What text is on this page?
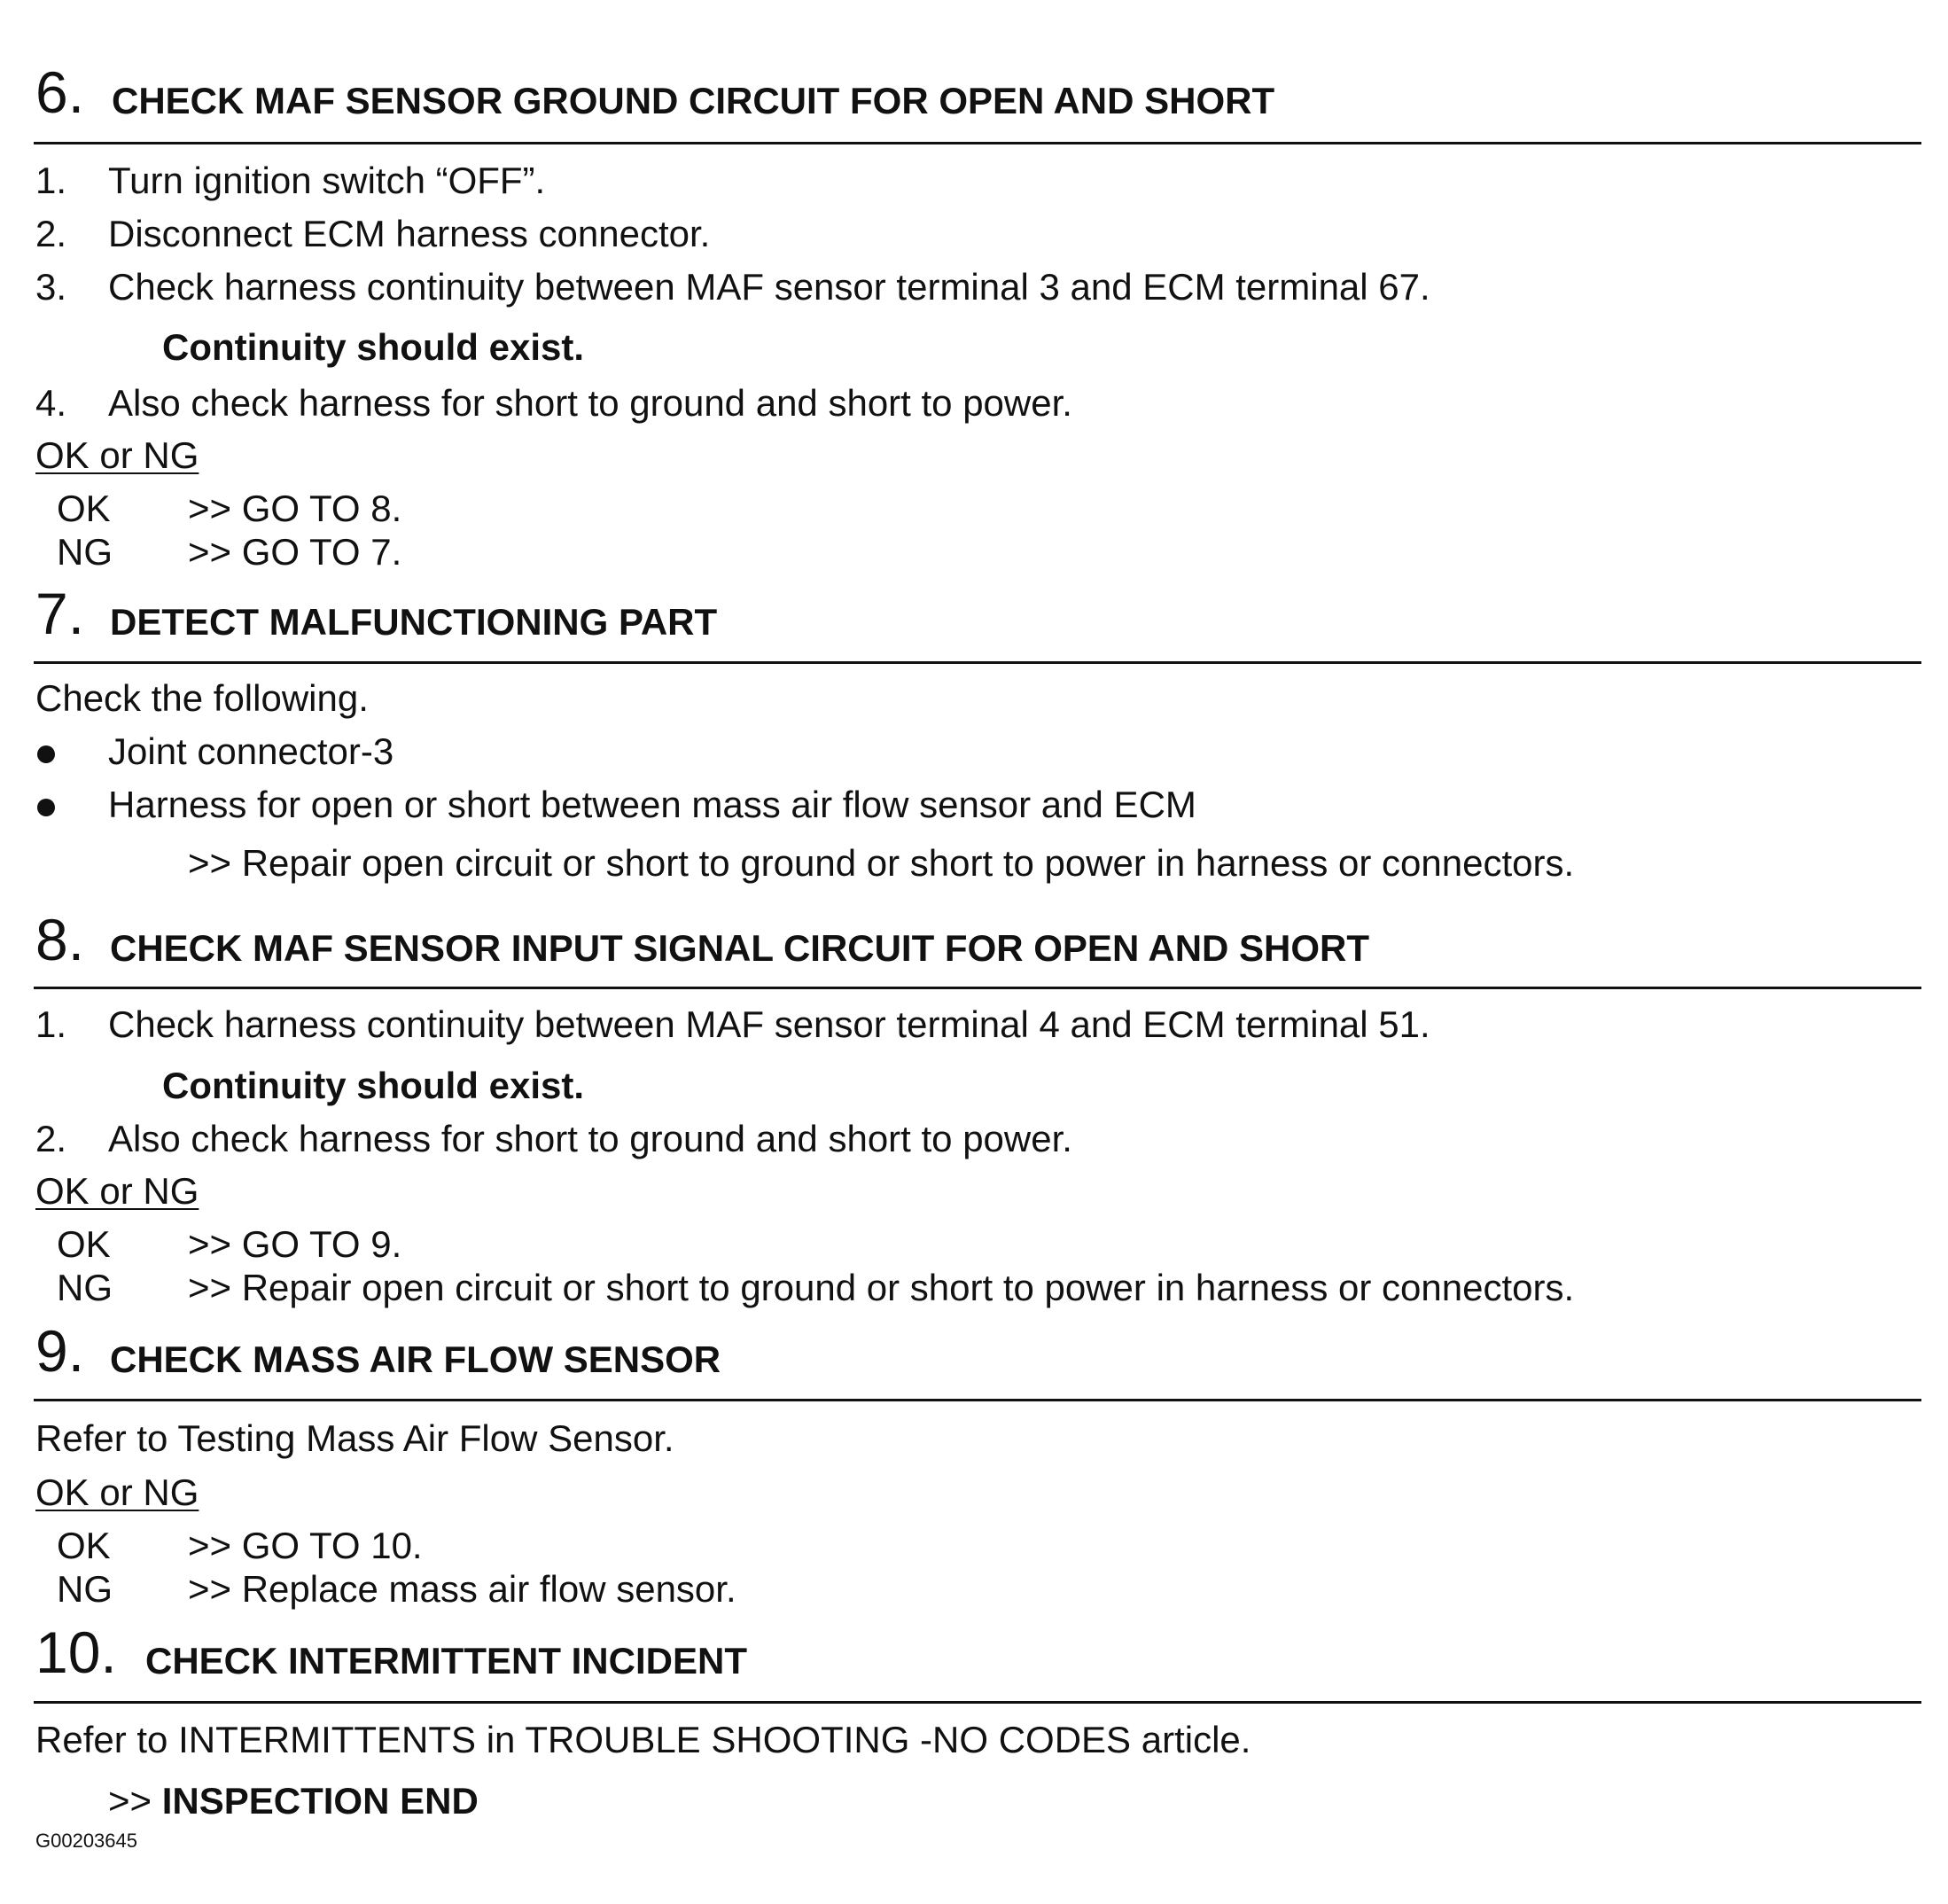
6. CHECK MAF SENSOR GROUND CIRCUIT FOR OPEN AND SHORT
1. Turn ignition switch “OFF”.
2. Disconnect ECM harness connector.
3. Check harness continuity between MAF sensor terminal 3 and ECM terminal 67.
Continuity should exist.
4. Also check harness for short to ground and short to power.
OK or NG
OK >> GO TO 8.
NG >> GO TO 7.
7. DETECT MALFUNCTIONING PART
Check the following.
Joint connector-3
Harness for open or short between mass air flow sensor and ECM
>> Repair open circuit or short to ground or short to power in harness or connectors.
8. CHECK MAF SENSOR INPUT SIGNAL CIRCUIT FOR OPEN AND SHORT
1. Check harness continuity between MAF sensor terminal 4 and ECM terminal 51.
Continuity should exist.
2. Also check harness for short to ground and short to power.
OK or NG
OK >> GO TO 9.
NG >> Repair open circuit or short to ground or short to power in harness or connectors.
9. CHECK MASS AIR FLOW SENSOR
Refer to Testing Mass Air Flow Sensor.
OK or NG
OK >> GO TO 10.
NG >> Replace mass air flow sensor.
10. CHECK INTERMITTENT INCIDENT
Refer to INTERMITTENTS in TROUBLE SHOOTING -NO CODES article.
>> INSPECTION END
G00203645
